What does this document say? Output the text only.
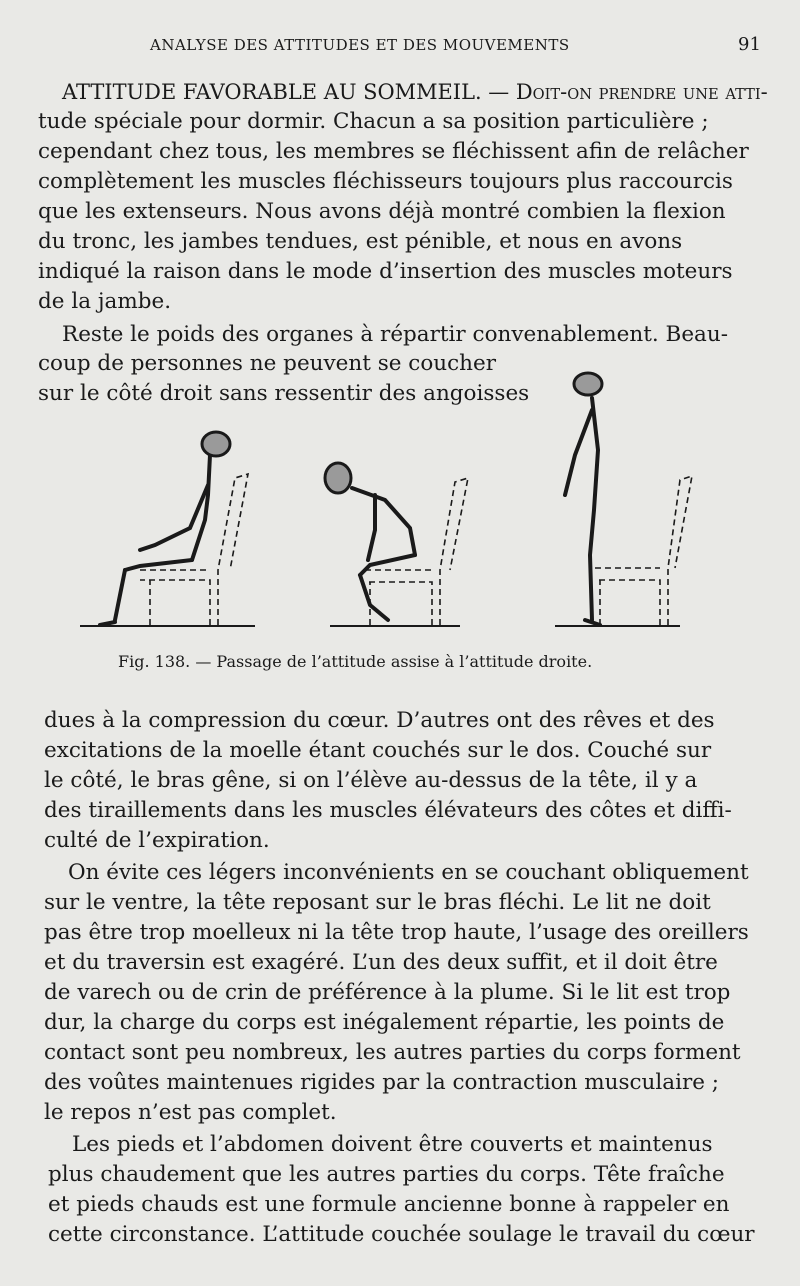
ANALYSE DES ATTITUDES ET DES MOUVEMENTS	91
ATTITUDE FAVORABLE AU SOMMEIL. — Doit-on prendre une atti-
tude spéciale pour dormir. Chacun a sa position particulière ;
cependant chez tous, les membres se fléchissent afin de relâcher
complètement les muscles fléchisseurs toujours plus raccourcis
que les extenseurs. Nous avons déjà montré combien la flexion
du tronc, les jambes tendues, est pénible, et nous en avons
indiqué la raison dans le mode d’insertion des muscles moteurs
de la jambe.
Reste le poids des organes à répartir convenablement. Beau-
coup de personnes ne peuvent se coucher
sur le côté droit sans ressentir des angoisses
Fig. 138. — Passage de l’attitude assise à l’attitude droite.
dues à la compression du cœur. D’autres ont des rêves et des
excitations de la moelle étant couchés sur le dos. Couché sur
le côté, le bras gêne, si on l’élève au-dessus de la tête, il y a
des tiraillements dans les muscles élévateurs des côtes et diffi-
culté de l’expiration.
On évite ces légers inconvénients en se couchant obliquement
sur le ventre, la tête reposant sur le bras fléchi. Le lit ne doit
pas être trop moelleux ni la tête trop haute, l’usage des oreillers
et du traversin est exagéré. L’un des deux suffit, et il doit être
de varech ou de crin de préférence à la plume. Si le lit est trop
dur, la charge du corps est inégalement répartie, les points de
contact sont peu nombreux, les autres parties du corps forment
des voûtes maintenues rigides par la contraction musculaire ;
le repos n’est pas complet.
Les pieds et l’abdomen doivent être couverts et maintenus
plus chaudement que les autres parties du corps. Tête fraîche
et pieds chauds est une formule ancienne bonne à rappeler en
cette circonstance. L’attitude couchée soulage le travail du cœur
